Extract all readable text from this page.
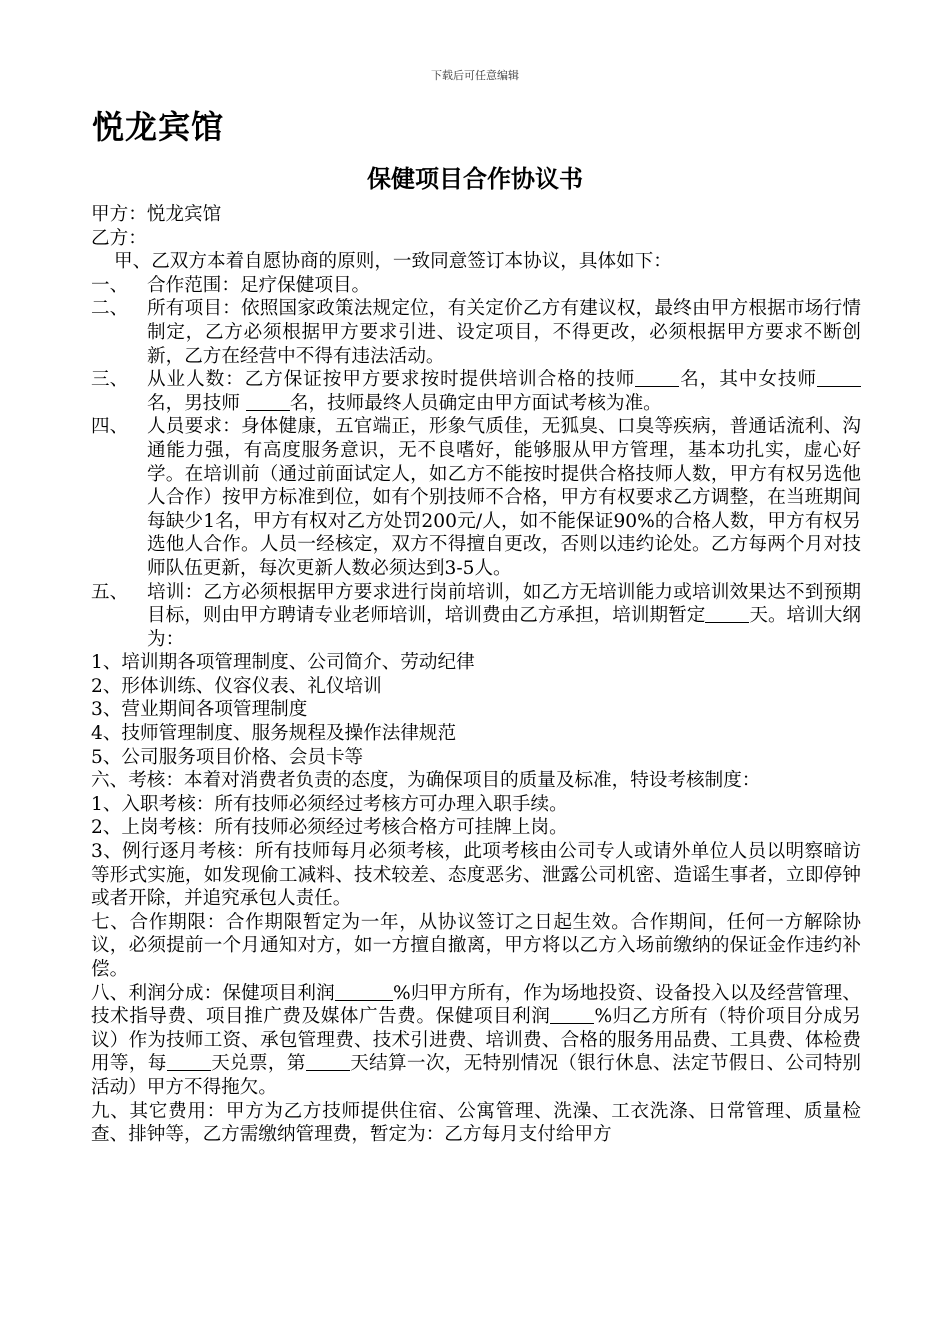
下载后可任意编辑
悦龙宾馆
保健项目合作协议书
甲方：悦龙宾馆
乙方：
甲、乙双方本着自愿协商的原则，一致同意签订本协议，具体如下：
一、	合作范围：足疗保健项目。
二、	所有项目：依照国家政策法规定位，有关定价乙方有建议权，最终由甲方根据市场行情制定，乙方必须根据甲方要求引进、设定项目，不得更改，必须根据甲方要求不断创新，乙方在经营中不得有违法活动。
三、	从业人数：乙方保证按甲方要求按时提供培训合格的技师 名，其中女技师名，男技师 名，技师最终人员确定由甲方面试考核为准。
四、	人员要求：身体健康，五官端正，形象气质佳，无狐臭、口臭等疾病，普通话流利、沟通能力强，有高度服务意识，无不良嗜好，能够服从甲方管理，基本功扎实，虚心好学。在培训前（通过前面试定人，如乙方不能按时提供合格技师人数，甲方有权另选他人合作）按甲方标准到位，如有个别技师不合格，甲方有权要求乙方调整，在当班期间每缺少1名，甲方有权对乙方处罚200元/人，如不能保证90%的合格人数，甲方有权另选他人合作。人员一经核定，双方不得擅自更改，否则以违约论处。乙方每两个月对技师队伍更新，每次更新人数必须达到3-5人。
五、	培训：乙方必须根据甲方要求进行岗前培训，如乙方无培训能力或培训效果达不到预期目标，则由甲方聘请专业老师培训，培训费由乙方承担，培训期暂定 天。培训大纲为：
1、培训期各项管理制度、公司简介、劳动纪律
2、形体训练、仪容仪表、礼仪培训
3、营业期间各项管理制度
4、技师管理制度、服务规程及操作法律规范
5、公司服务项目价格、会员卡等
六、考核：本着对消费者负责的态度，为确保项目的质量及标准，特设考核制度：
1、入职考核：所有技师必须经过考核方可办理入职手续。
2、上岗考核：所有技师必须经过考核合格方可挂牌上岗。
3、例行逐月考核：所有技师每月必须考核，此项考核由公司专人或请外单位人员以明察暗访等形式实施，如发现偷工减料、技术较差、态度恶劣、泄露公司机密、造谣生事者，立即停钟或者开除，并追究承包人责任。
七、合作期限：合作期限暂定为一年，从协议签订之日起生效。合作期间，任何一方解除协议，必须提前一个月通知对方，如一方擅自撤离，甲方将以乙方入场前缴纳的保证金作违约补偿。
八、利润分成：保健项目利润	%归甲方所有，作为场地投资、设备投入以及经营管理、技术指导费、项目推广费及媒体广告费。保健项目利润 %归乙方所有（特价项目分成另议）作为技师工资、承包管理费、技术引进费、培训费、合格的服务用品费、工具费、体检费用等，每 天兑票，第 天结算一次，无特别情况（银行休息、法定节假日、公司特别活动）甲方不得拖欠。
九、其它费用：甲方为乙方技师提供住宿、公寓管理、洗澡、工衣洗涤、日常管理、质量检查、排钟等，乙方需缴纳管理费，暂定为：乙方每月支付给甲方
